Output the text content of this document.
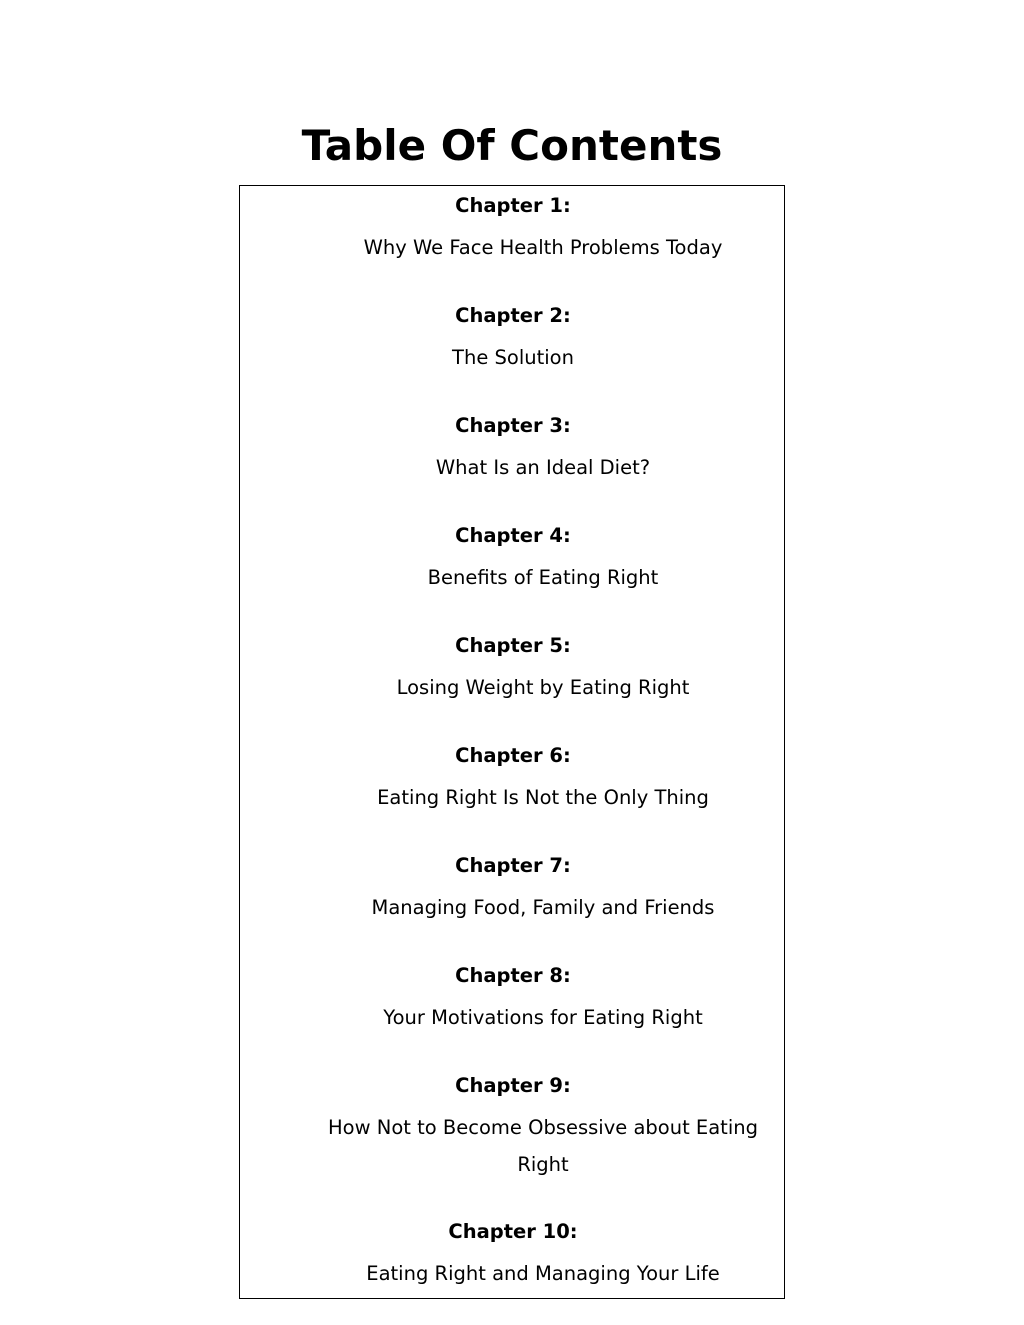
Table Of Contents

Chapter 1:

Why We Face Health Problems Today

Chapter 2:

The Solution

Chapter 3:

What Is an Ideal Diet?

Chapter 4:

Benefits of Eating Right

Chapter 5:

Losing Weight by Eating Right

Chapter 6:

Eating Right Is Not the Only Thing

Chapter 7:

Managing Food, Family and Friends

Chapter 8:

Your Motivations for Eating Right

Chapter 9:

How Not to Become Obsessive about Eating Right

Chapter 10:

Eating Right and Managing Your Life
